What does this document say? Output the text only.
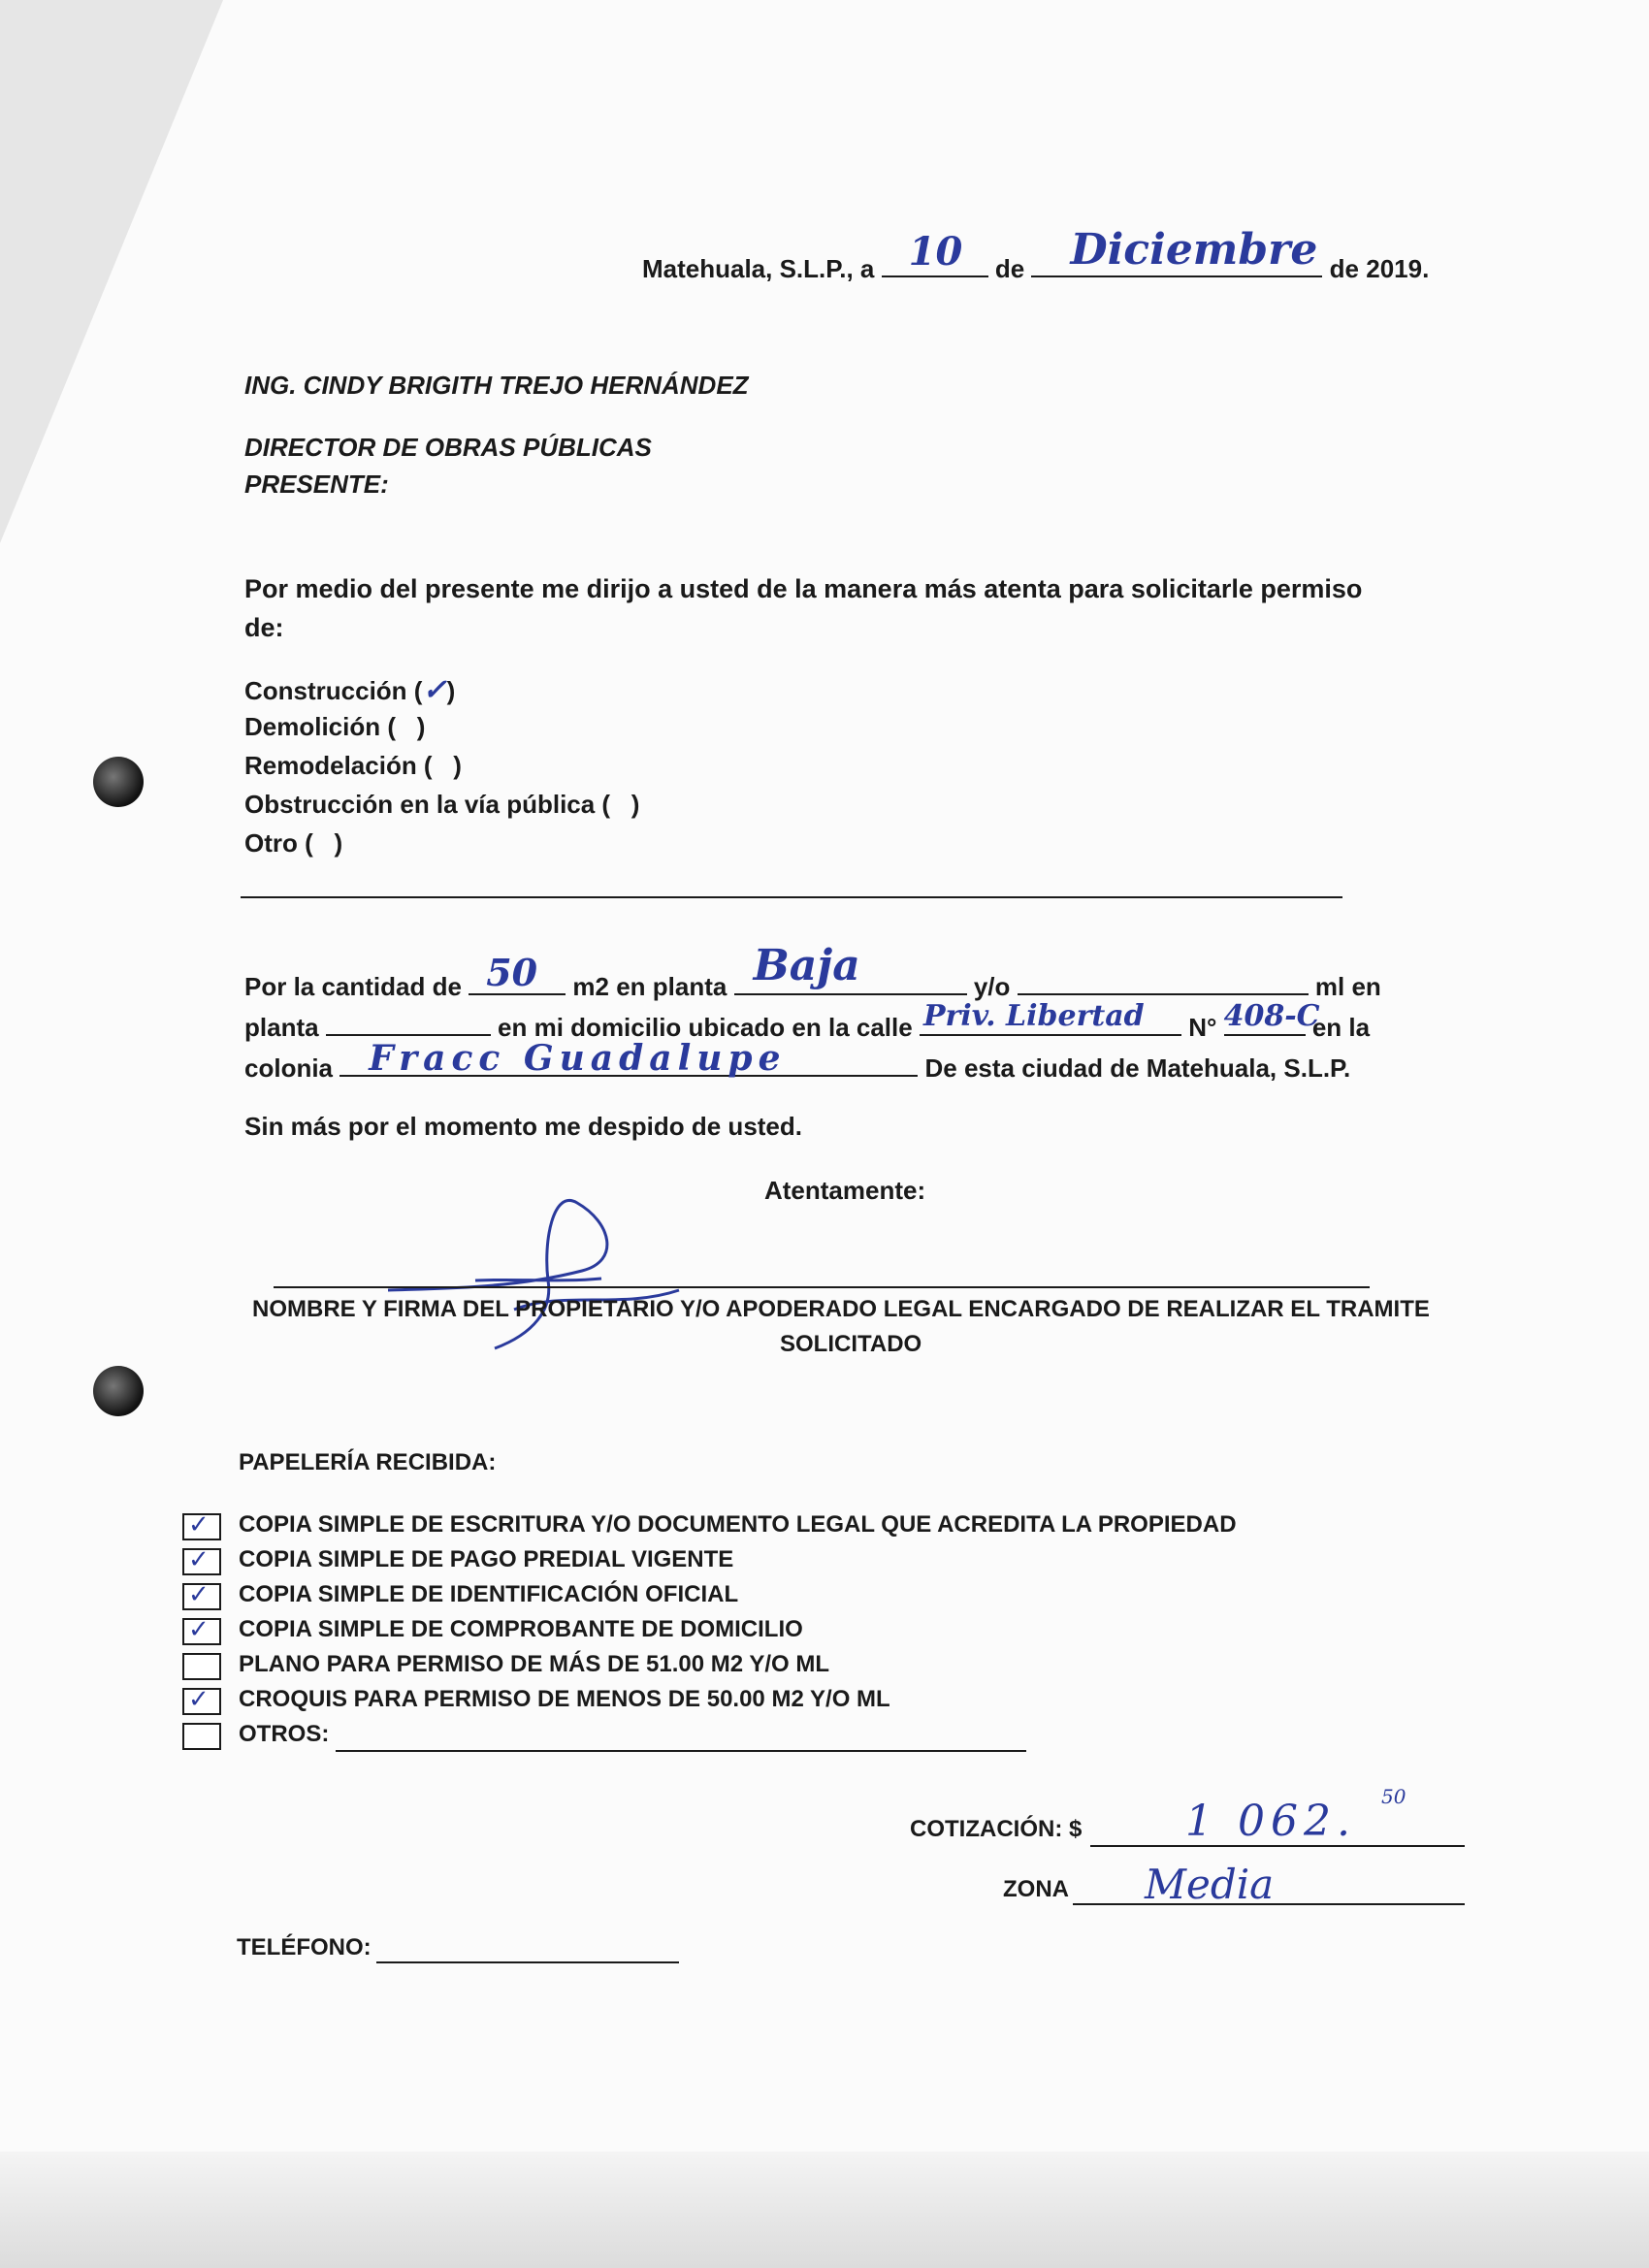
Matehuala, S.L.P., a 10 de Diciembre de 2019.
ING. CINDY BRIGITH TREJO HERNÁNDEZ
DIRECTOR DE OBRAS PÚBLICAS
PRESENTE:
Por medio del presente me dirijo a usted de la manera más atenta para solicitarle permiso
de:
Construcción (✓)
Demolición ( )
Remodelación ( )
Obstrucción en la vía pública ( )
Otro ( )
Por la cantidad de 50 m2 en planta Baja	y/o	ml en
planta	en mi domicilio ubicado en la calle Priv. Libertad N° 408-C
en la
colonia Fracc Guadalupe	De esta ciudad de Matehuala, S.L.P.
Sin más por el momento me despido de usted.
Atentamente:
NOMBRE Y FIRMA DEL PROPIETARIO Y/O APODERADO LEGAL ENCARGADO DE REALIZAR EL TRAMITE
SOLICITADO
PAPELERÍA RECIBIDA:
✓ COPIA SIMPLE DE ESCRITURA Y/O DOCUMENTO LEGAL QUE ACREDITA LA PROPIEDAD
✓ COPIA SIMPLE DE PAGO PREDIAL VIGENTE
✓ COPIA SIMPLE DE IDENTIFICACIÓN OFICIAL
✓ COPIA SIMPLE DE COMPROBANTE DE DOMICILIO
PLANO PARA PERMISO DE MÁS DE 51.00 M2 Y/O ML
✓ CROQUIS PARA PERMISO DE MENOS DE 50.00 M2 Y/O ML
OTROS:
COTIZACIÓN: $ 1 062. 50
ZONA Media
TELÉFONO:
